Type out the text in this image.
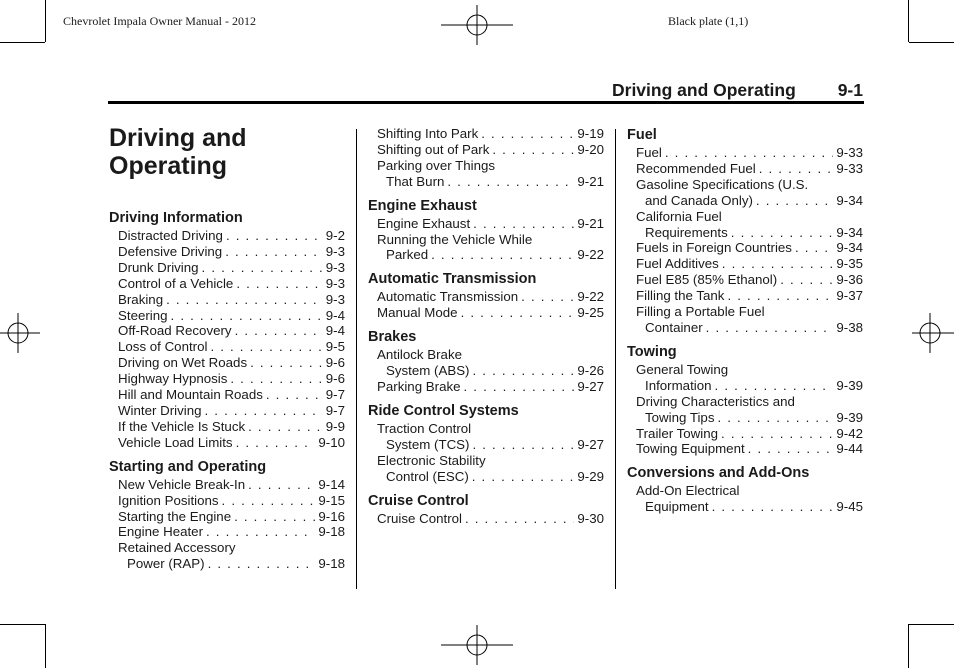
Chevrolet Impala Owner Manual - 2012	Black plate (1,1)
Driving and Operating	9-1
Driving and Operating
Driving Information
Distracted Driving . . .	9-2
Defensive Driving . . .	9-3
Drunk Driving . . .	9-3
Control of a Vehicle . . .	9-3
Braking . . .	9-3
Steering . . .	9-4
Off-Road Recovery . . .	9-4
Loss of Control . . .	9-5
Driving on Wet Roads . . .	9-6
Highway Hypnosis . . .	9-6
Hill and Mountain Roads . . .	9-7
Winter Driving . . .	9-7
If the Vehicle Is Stuck . . .	9-9
Vehicle Load Limits . . .	9-10
Starting and Operating
New Vehicle Break-In . . .	9-14
Ignition Positions . . .	9-15
Starting the Engine . . .	9-16
Engine Heater . . .	9-18
Retained Accessory
Power (RAP) . . .	9-18
Shifting Into Park . . .	9-19
Shifting out of Park . . .	9-20
Parking over Things
That Burn . . .	9-21
Engine Exhaust
Engine Exhaust . . .	9-21
Running the Vehicle While
Parked . . .	9-22
Automatic Transmission
Automatic Transmission . . .	9-22
Manual Mode . . .	9-25
Brakes
Antilock Brake
System (ABS) . . .	9-26
Parking Brake . . .	9-27
Ride Control Systems
Traction Control
System (TCS) . . .	9-27
Electronic Stability
Control (ESC) . . .	9-29
Cruise Control
Cruise Control . . .	9-30
Fuel
Fuel . . .	9-33
Recommended Fuel . . .	9-33
Gasoline Specifications (U.S.
and Canada Only) . . .	9-34
California Fuel
Requirements . . .	9-34
Fuels in Foreign Countries . . .	9-34
Fuel Additives . . .	9-35
Fuel E85 (85% Ethanol) . . .	9-36
Filling the Tank . . .	9-37
Filling a Portable Fuel
Container . . .	9-38
Towing
General Towing
Information . . .	9-39
Driving Characteristics and
Towing Tips . . .	9-39
Trailer Towing . . .	9-42
Towing Equipment . . .	9-44
Conversions and Add-Ons
Add-On Electrical
Equipment . . .	9-45
